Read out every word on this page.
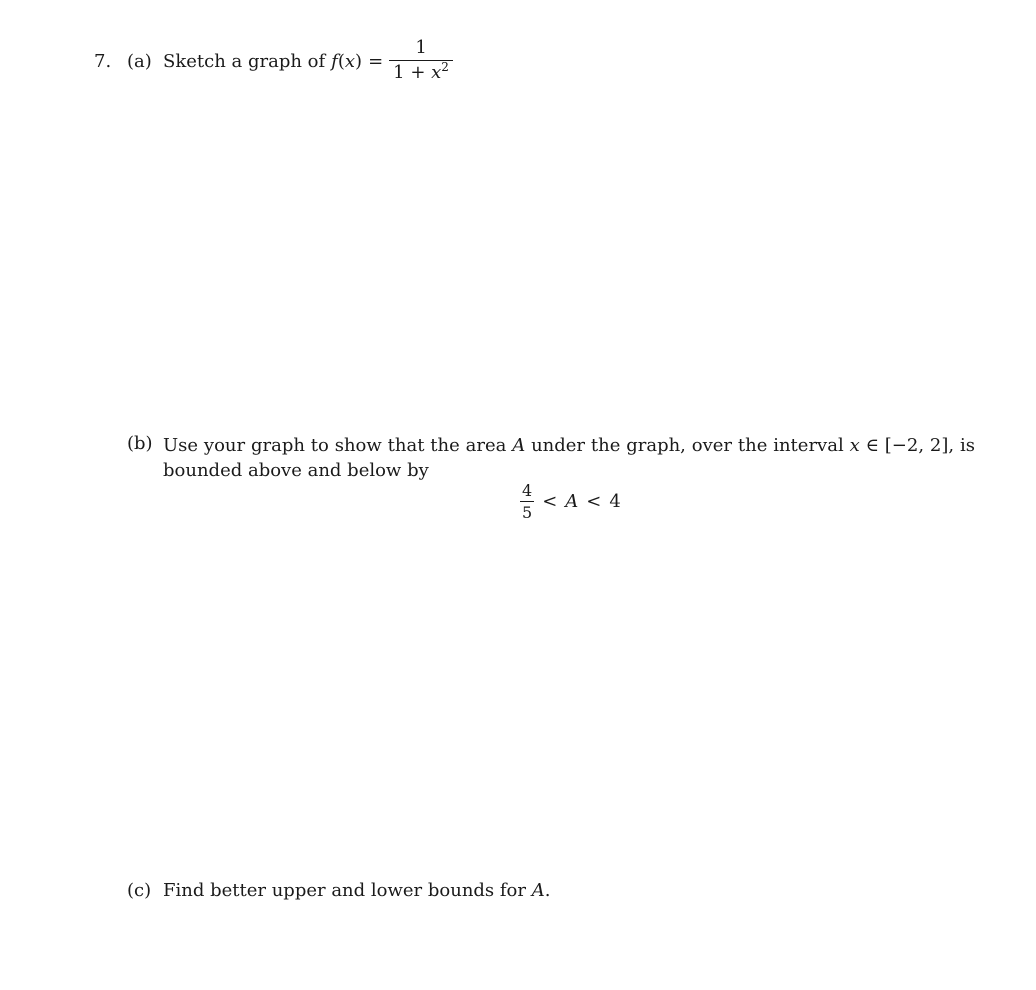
7. (a) Sketch a graph of $f(x) = \frac{1}{1 + x^2}$
(b) Use your graph to show that the area A under the graph, over the interval x ∈ [−2, 2], is bounded above and below by
$\frac{4}{5} < A < 4$
(c) Find better upper and lower bounds for A.
